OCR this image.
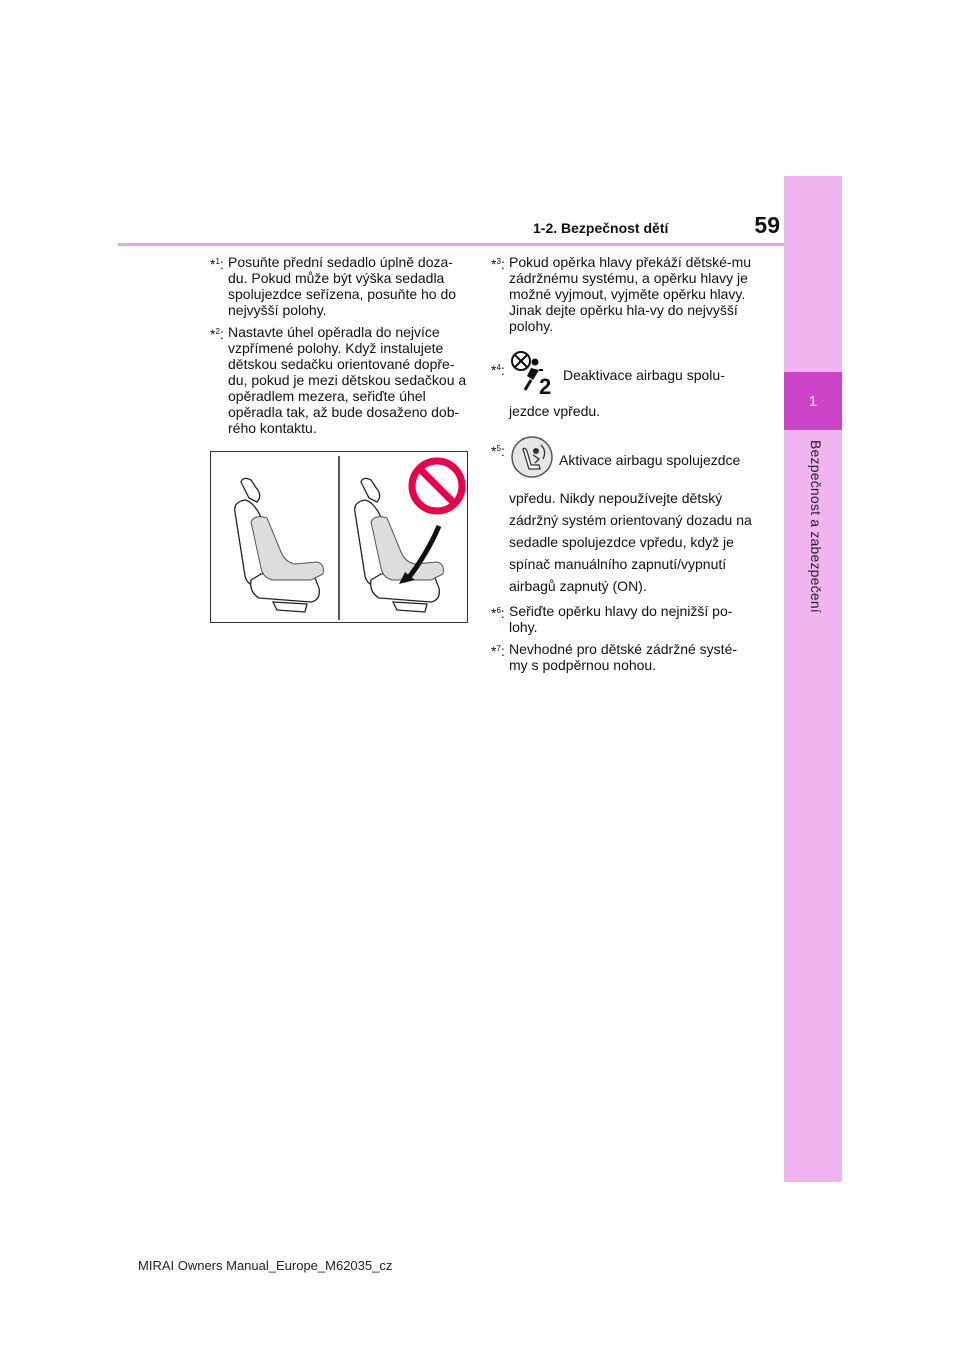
1
Bezpečnost a zabezpečení
59
1-2. Bezpečnost dětí
*$^1$: Posuňte přední sedadlo úplně doza-du. Pokud může být výška sedadla spolujezdce seřízena, posuňte ho do nejvyšší polohy.
*$^2$: Nastavte úhel opěradla do nejvíce vzpřímené polohy. Když instalujete dětskou sedačku orientované dopře-du, pokud je mezi dětskou sedačkou a opěradlem mezera, seřiďte úhel opěradla tak, až bude dosaženo dob-rého kontaktu.
*$^3$: Pokud opěrka hlavy překáží dětské-mu zádržnému systému, a opěrku hlavy je možné vyjmout, vyjměte opěrku hlavy. Jinak dejte opěrku hla-vy do nejvyšší polohy.
*$^4$:
2 Deaktivace airbagu spolu-
jezdce vpředu.
*$^5$:
Aktivace airbagu spolujezdce
vpředu. Nikdy nepoužívejte dětský zádržný systém orientovaný dozadu na sedadle spolujezdce vpředu, když je spínač manuálního zapnutí/vypnutí airbagů zapnutý (ON).
*$^6$: Seřiďte opěrku hlavy do nejnižší po-lohy.
*$^7$: Nevhodné pro dětské zádržné systé-my s podpěrnou nohou.
MIRAI Owners Manual_Europe_M62035_cz
